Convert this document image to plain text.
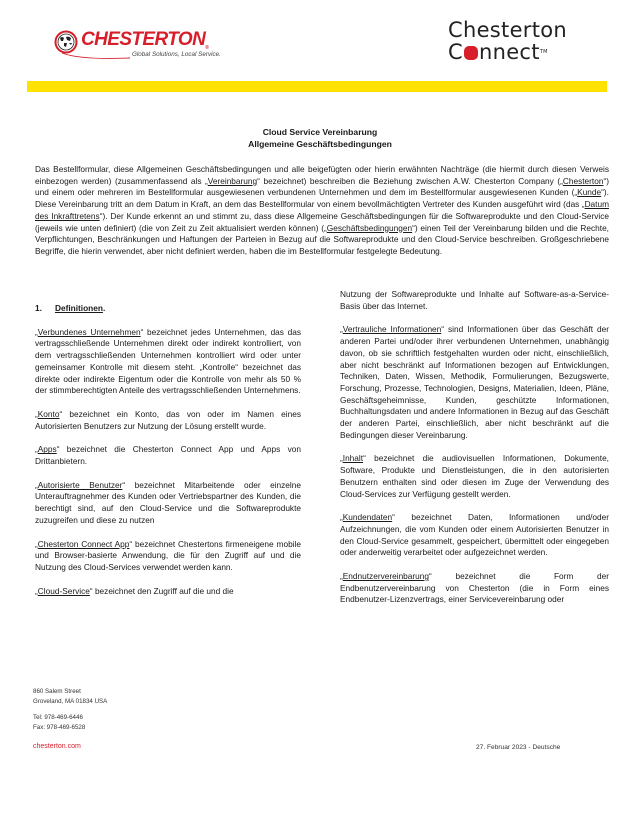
CHESTERTON®
Global Solutions, Local Service.
Chesterton
C nnect™
Cloud Service Vereinbarung
Allgemeine Geschäftsbedingungen
Das Bestellformular, diese Allgemeinen Geschäftsbedingungen und alle beigefügten oder hierin erwähnten Nachträge (die hiermit durch diesen Verweis einbezogen werden) (zusammenfassend als „Vereinbarung“ bezeichnet) beschreiben die Beziehung zwischen A.W. Chesterton Company („Chesterton“) und einem oder mehreren im Bestellformular ausgewiesenen verbundenen Unternehmen und dem im Bestellformular ausgewiesenen Kunden („Kunde“). Diese Vereinbarung tritt an dem Datum in Kraft, an dem das Bestellformular von einem bevollmächtigten Vertreter des Kunden ausgeführt wird (das „Datum des Inkrafttretens“). Der Kunde erkennt an und stimmt zu, dass diese Allgemeine Geschäftsbedingungen für die Softwareprodukte und den Cloud-Service (jeweils wie unten definiert) (die von Zeit zu Zeit aktualisiert werden können) („Geschäftsbedingungen“) einen Teil der Vereinbarung bilden und die Rechte, Verpflichtungen, Beschränkungen und Haftungen der Parteien in Bezug auf die Softwareprodukte und den Cloud-Service beschreiben. Großgeschriebene Begriffe, die hierin verwendet, aber nicht definiert werden, haben die im Bestellformular festgelegte Bedeutung.

1. Definitionen.

„Verbundenes Unternehmen“ bezeichnet jedes Unternehmen, das das vertragsschließende Unternehmen direkt oder indirekt kontrolliert, von dem vertragsschließenden Unternehmen kontrolliert wird oder unter gemeinsamer Kontrolle mit diesem steht. „Kontrolle“ bezeichnet das direkte oder indirekte Eigentum oder die Kontrolle von mehr als 50 % der stimmberechtigten Anteile des vertragsschließenden Unternehmens.

„Konto“ bezeichnet ein Konto, das von oder im Namen eines Autorisierten Benutzers zur Nutzung der Lösung erstellt wurde.

„Apps“ bezeichnet die Chesterton Connect App und Apps von Drittanbietern.

„Autorisierte Benutzer“ bezeichnet Mitarbeitende oder einzelne Unterauftragnehmer des Kunden oder Vertriebspartner des Kunden, die berechtigt sind, auf den Cloud-Service und die Softwareprodukte zuzugreifen und diese zu nutzen

„Chesterton Connect App“ bezeichnet Chestertons firmeneigene mobile und Browser-basierte Anwendung, die für den Zugriff auf und die Nutzung des Cloud-Services verwendet werden kann.

„Cloud-Service“ bezeichnet den Zugriff auf die und die

Nutzung der Softwareprodukte und Inhalte auf Software-as-a-Service-Basis über das Internet.

„Vertrauliche Informationen“ sind Informationen über das Geschäft der anderen Partei und/oder ihrer verbundenen Unternehmen, unabhängig davon, ob sie schriftlich festgehalten wurden oder nicht, einschließlich, aber nicht beschränkt auf Informationen bezogen auf Entwicklungen, Techniken, Daten, Wissen, Methodik, Formulierungen, Bezugswerte, Forschung, Prozesse, Technologien, Designs, Materialien, Ideen, Pläne, Geschäftsgeheimnisse, Kunden, geschützte Informationen, Buchhaltungsdaten und andere Informationen in Bezug auf das Geschäft der anderen Partei, einschließlich, aber nicht beschränkt auf die Bedingungen dieser Vereinbarung.

„Inhalt“ bezeichnet die audiovisuellen Informationen, Dokumente, Software, Produkte und Dienstleistungen, die in den autorisierten Benutzern enthalten sind oder diesen im Zuge der Verwendung des Cloud-Services zur Verfügung gestellt werden.

„Kundendaten“ bezeichnet Daten, Informationen und/oder Aufzeichnungen, die vom Kunden oder einem Autorisierten Benutzer in den Cloud-Service gesammelt, gespeichert, übermittelt oder eingegeben oder anderweitig verarbeitet oder aufgezeichnet werden.

„Endnutzervereinbarung“ bezeichnet die Form der Endbenutzervereinbarung von Chesterton (die in Form eines Endbenutzer-Lizenzvertrags, einer Servicevereinbarung oder

860 Salem Street
Groveland, MA 01834 USA
Tel: 978-469-6446
Fax: 978-469-6528
chesterton.com	27. Februar 2023 - Deutsche
